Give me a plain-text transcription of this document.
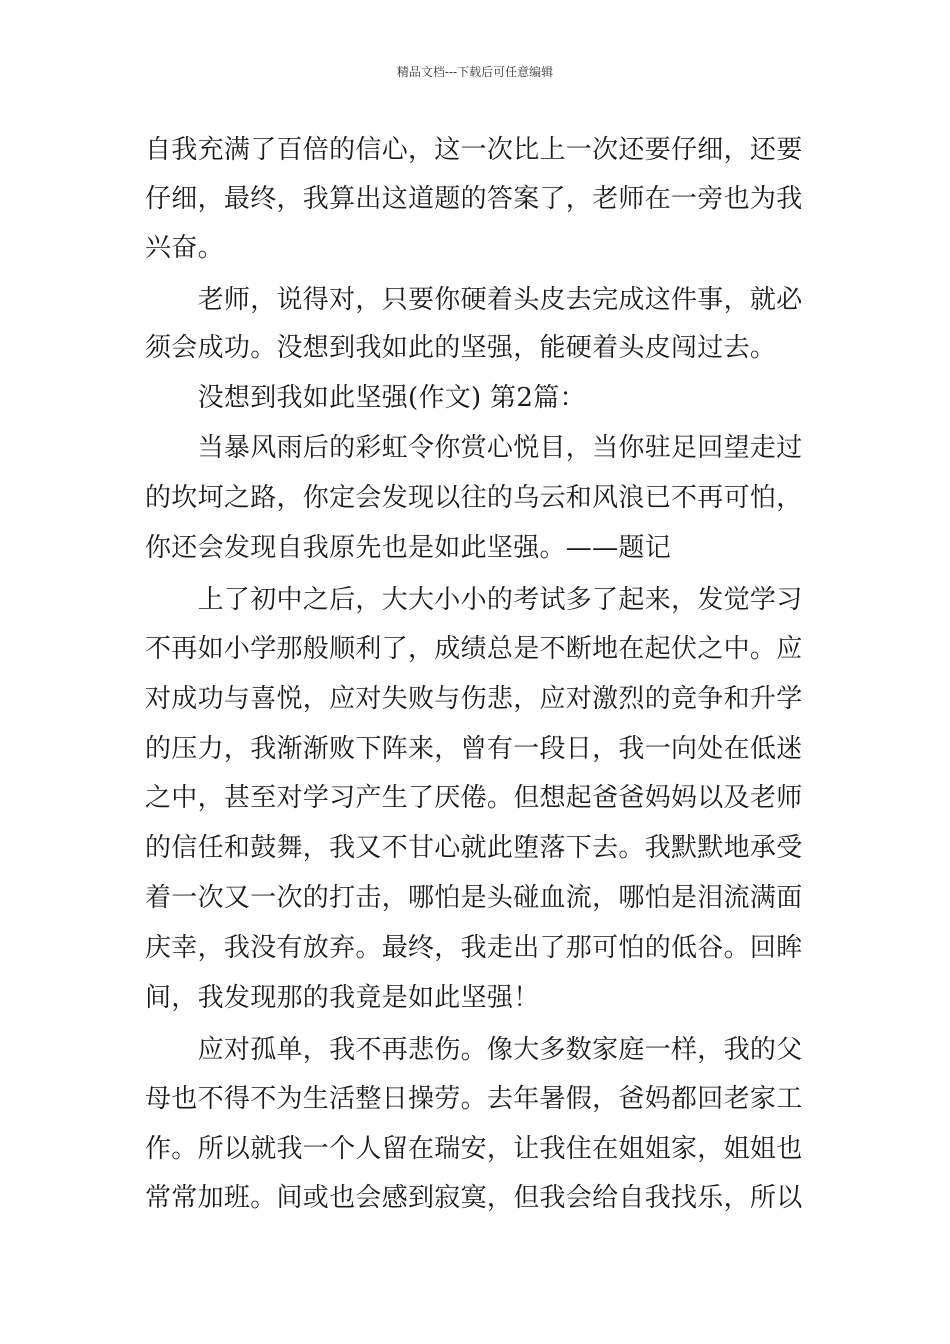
精品文档---下载后可任意编辑
自我充满了百倍的信心，这一次比上一次还要仔细，还要
仔细，最终，我算出这道题的答案了，老师在一旁也为我
兴奋。
　　老师，说得对，只要你硬着头皮去完成这件事，就必
须会成功。没想到我如此的坚强，能硬着头皮闯过去。
　　没想到我如此坚强(作文) 第2篇：
　　当暴风雨后的彩虹令你赏心悦目，当你驻足回望走过
的坎坷之路，你定会发现以往的乌云和风浪已不再可怕，
你还会发现自我原先也是如此坚强。——题记
　　上了初中之后，大大小小的考试多了起来，发觉学习
不再如小学那般顺利了，成绩总是不断地在起伏之中。应
对成功与喜悦，应对失败与伤悲，应对激烈的竞争和升学
的压力，我渐渐败下阵来，曾有一段日，我一向处在低迷
之中，甚至对学习产生了厌倦。但想起爸爸妈妈以及老师
的信任和鼓舞，我又不甘心就此堕落下去。我默默地承受
着一次又一次的打击，哪怕是头碰血流，哪怕是泪流满面
庆幸，我没有放弃。最终，我走出了那可怕的低谷。回眸
间，我发现那的我竟是如此坚强！
　　应对孤单，我不再悲伤。像大多数家庭一样，我的父
母也不得不为生活整日操劳。去年暑假，爸妈都回老家工
作。所以就我一个人留在瑞安，让我住在姐姐家，姐姐也
常常加班。间或也会感到寂寞，但我会给自我找乐，所以
